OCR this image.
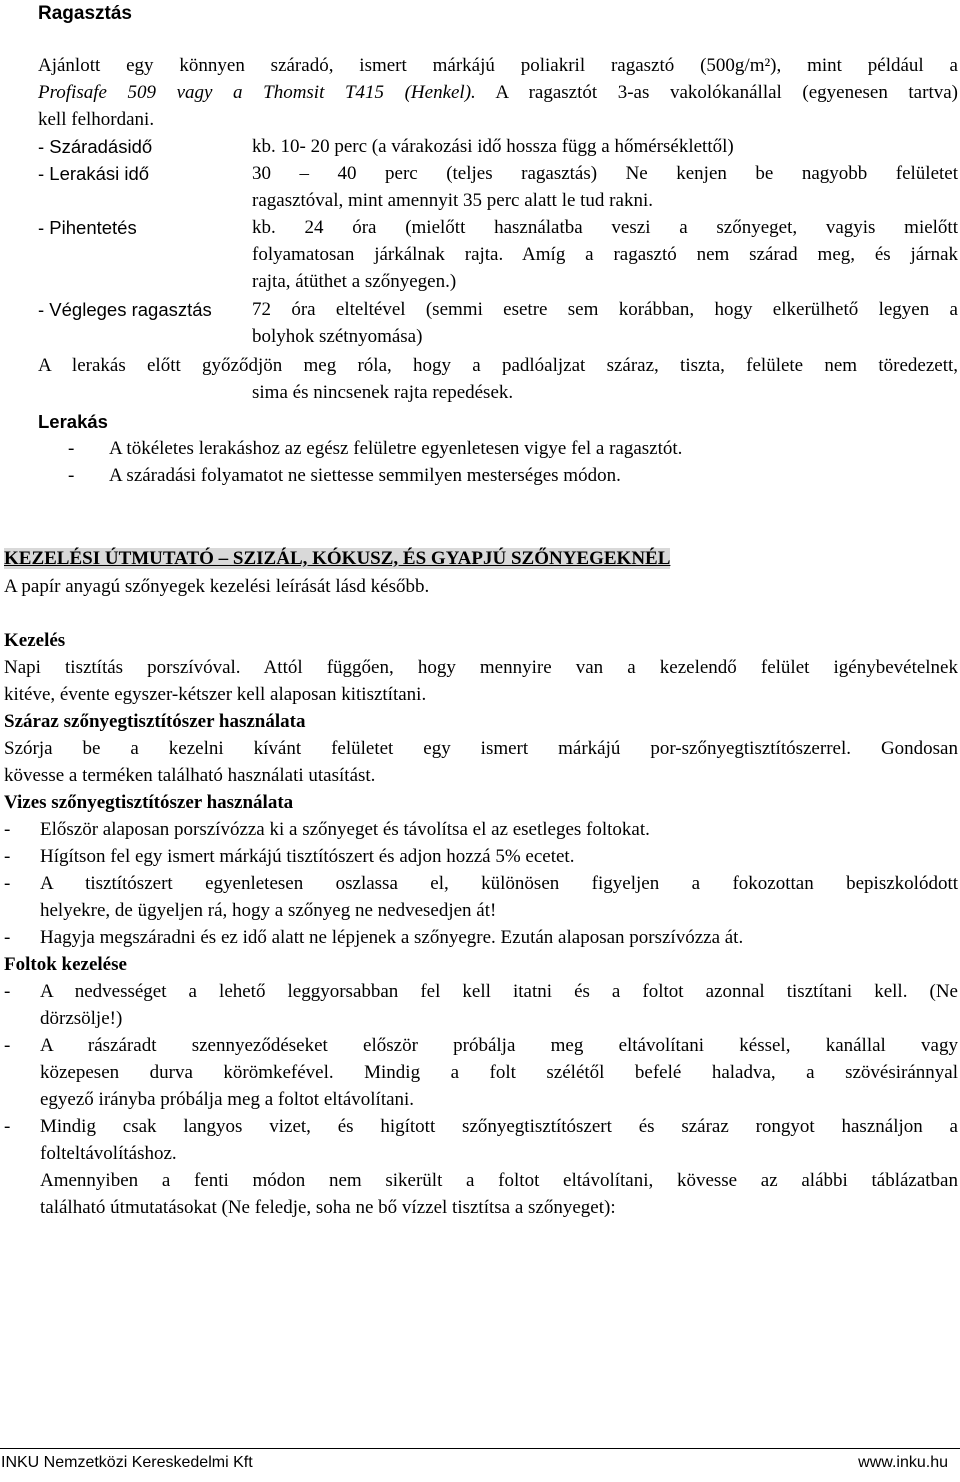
Ragasztás
Ajánlott egy könnyen száradó, ismert márkájú poliakril ragasztó (500g/m²), mint például a
Profisafe 509 vagy a Thomsit T415 (Henkel). A ragasztót 3-as vakolókanállal (egyenesen tartva)
kell felhordani.
- Száradásidő	kb. 10- 20 perc (a várakozási idő hossza függ a hőmérséklettől)
- Lerakási idő	30 – 40 perc (teljes ragasztás) Ne kenjen be nagyobb felületet
ragasztóval, mint amennyit 35 perc alatt le tud rakni.
- Pihentetés	kb. 24 óra (mielőtt használatba veszi a szőnyeget, vagyis mielőtt
folyamatosan járkálnak rajta. Amíg a ragasztó nem szárad meg, és járnak
rajta, átüthet a szőnyegen.)
- Végleges ragasztás 72 óra elteltével (semmi esetre sem korábban, hogy elkerülhető legyen a
bolyhok szétnyomása)
A lerakás előtt győződjön meg róla, hogy a padlóaljzat száraz, tiszta, felülete nem töredezett,
sima és nincsenek rajta repedések.
Lerakás
- A tökéletes lerakáshoz az egész felületre egyenletesen vigye fel a ragasztót.
- A száradási folyamatot ne siettesse semmilyen mesterséges módon.
KEZELÉSI ÚTMUTATÓ – SZIZÁL, KÓKUSZ, ÉS GYAPJÚ SZŐNYEGEKNÉL
A papír anyagú szőnyegek kezelési leírását lásd később.
Kezelés
Napi tisztítás porszívóval. Attól függően, hogy mennyire van a kezelendő felület igénybevételnek
kitéve, évente egyszer-kétszer kell alaposan kitisztítani.
Száraz szőnyegtisztítószer használata
Szórja be a kezelni kívánt felületet egy ismert márkájú por-szőnyegtisztítószerrel. Gondosan
kövesse a terméken található használati utasítást.
Vizes szőnyegtisztítószer használata
- Először alaposan porszívózza ki a szőnyeget és távolítsa el az esetleges foltokat.
- Hígítson fel egy ismert márkájú tisztítószert és adjon hozzá 5% ecetet.
- A tisztítószert egyenletesen oszlassa el, különösen figyeljen a fokozottan bepiszkolódott
helyekre, de ügyeljen rá, hogy a szőnyeg ne nedvesedjen át!
- Hagyja megszáradni és ez idő alatt ne lépjenek a szőnyegre. Ezután alaposan porszívózza át.
Foltok kezelése
- A nedvességet a lehető leggyorsabban fel kell itatni és a foltot azonnal tisztítani kell. (Ne
dörzsölje!)
- A rászáradt szennyeződéseket először próbálja meg eltávolítani késsel, kanállal vagy
közepesen durva körömkefével. Mindig a folt szélétől befelé haladva, a szövésiránnyal
egyező irányba próbálja meg a foltot eltávolítani.
- Mindig csak langyos vizet, és higított szőnyegtisztítószert és száraz rongyot használjon a
folteltávolításhoz.
Amennyiben a fenti módon nem sikerült a foltot eltávolítani, kövesse az alábbi táblázatban
található útmutatásokat (Ne feledje, soha ne bő vízzel tisztítsa a szőnyeget):
INKU Nemzetközi Kereskedelmi Kft	www.inku.hu
